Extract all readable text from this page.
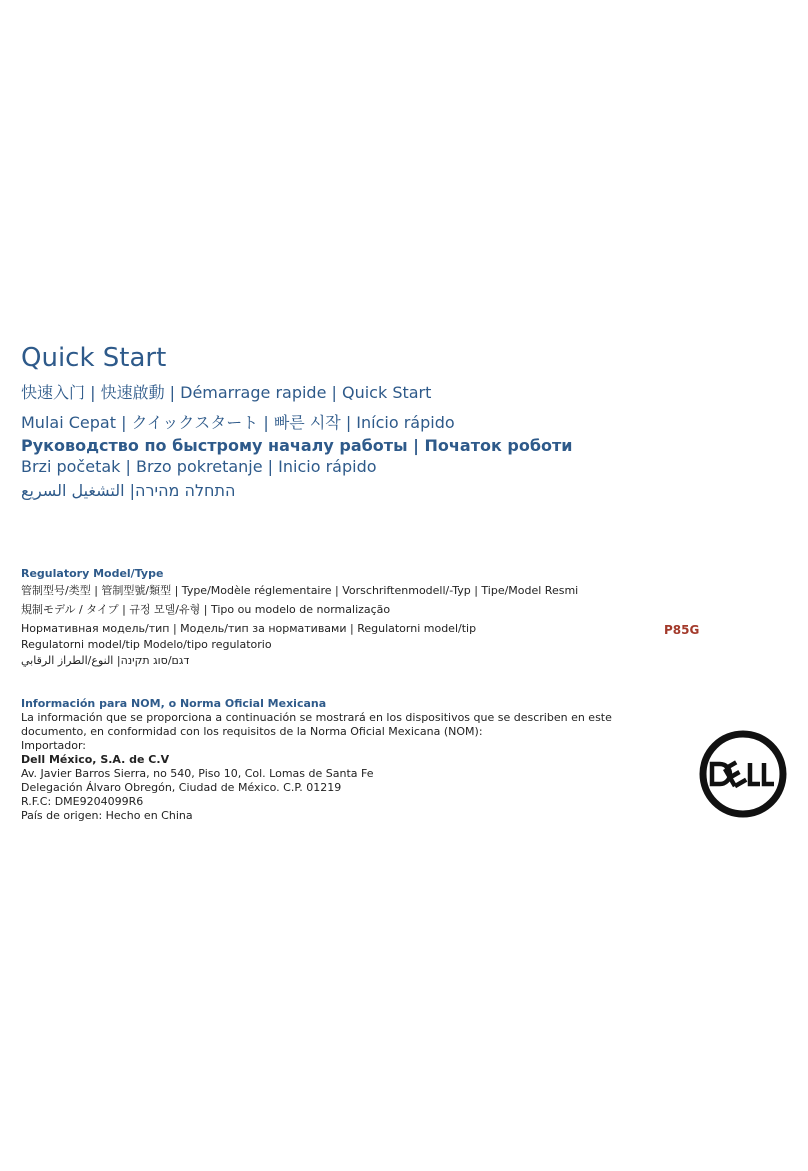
Quick Start
快速入门 | 快速啟動 | Démarrage rapide | Quick Start
Mulai Cepat | クイックスタート | 빠른 시작 | Início rápido
Руководство по быстрому началу работы | Початок роботи
Brzi početak | Brzo pokretanje | Inicio rápido
התחלה מהירה| التشغيل السريع
Regulatory Model/Type
管制型号/类型 | 管制型號/類型 | Type/Modèle réglementaire | Vorschriftenmodell/-Typ | Tipe/Model Resmi
規制モデル / タイプ | 규정 모델/유형 | Tipo ou modelo de normalização
Нормативная модель/тип | Модель/тип за нормативами | Regulatorni model/tip
Regulatorni model/tip Modelo/tipo regulatorio
דגם/סוג תקינה| النوع/الطراز الرقابي
P85G
Información para NOM, o Norma Oficial Mexicana
La información que se proporciona a continuación se mostrará en los dispositivos que se describen en este
documento, en conformidad con los requisitos de la Norma Oficial Mexicana (NOM):
Importador:
Dell México, S.A. de C.V
Av. Javier Barros Sierra, no 540, Piso 10, Col. Lomas de Santa Fe
Delegación Álvaro Obregón, Ciudad de México. C.P. 01219
R.F.C: DME9204099R6
País de origen: Hecho en China
